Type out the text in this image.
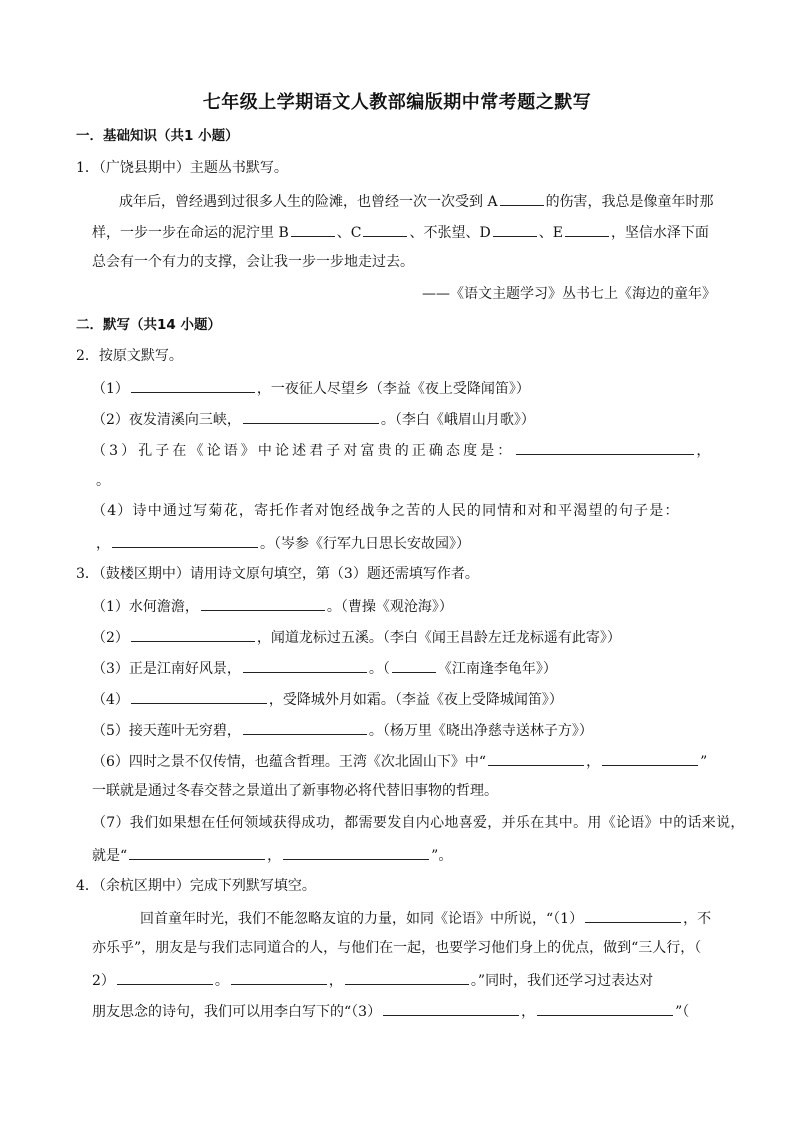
七年级上学期语文人教部编版期中常考题之默写
一．基础知识（共1 小题）
1．（广饶县期中）主题丛书默写。
成年后，曾经遇到过很多人生的险滩，也曾经一次一次受到 A	的伤害，我总是像童年时那
样，一步一步在命运的泥泞里 B	、C	、不张望、D	、E	，坚信水泽下面
总会有一个有力的支撑，会让我一步一步地走过去。
——《语文主题学习》丛书七上《海边的童年》
二．默写（共14 小题）
2．按原文默写。
（1）	，一夜征人尽望乡（李益《夜上受降闻笛》）
（2）夜发清溪向三峡，	。（李白《峨眉山月歌》）
（3）孔子在《论语》中论述君子对富贵的正确态度是：	，
。
（4）诗中通过写菊花，寄托作者对饱经战争之苦的人民的同情和对和平渴望的句子是：
，	。（岑参《行军九日思长安故园》）
3．（鼓楼区期中）请用诗文原句填空，第（3）题还需填写作者。
（1）水何澹澹，	。（曹操《观沧海》）
（2）	，闻道龙标过五溪。（李白《闻王昌龄左迁龙标遥有此寄》）
（3）正是江南好风景，	。（	《江南逢李龟年》）
（4）	，受降城外月如霜。（李益《夜上受降城闻笛》）
（5）接天莲叶无穷碧，	。（杨万里《晓出净慈寺送林子方》）
（6）四时之景不仅传情，也蕴含哲理。王湾《次北固山下》中“	，	”
一联就是通过冬春交替之景道出了新事物必将代替旧事物的哲理。
（7）我们如果想在任何领域获得成功，都需要发自内心地喜爱，并乐在其中。用《论语》中的话来说，
就是“	，	”。
4．（余杭区期中）完成下列默写填空。
回首童年时光，我们不能忽略友谊的力量，如同《论语》中所说，“（1）	，不
亦乐乎”，朋友是与我们志同道合的人，与他们在一起，也要学习他们身上的优点，做到“三人行，（
2）	。	，	。”同时，我们还学习过表达对
朋友思念的诗句，我们可以用李白写下的“（3）	，	”（
